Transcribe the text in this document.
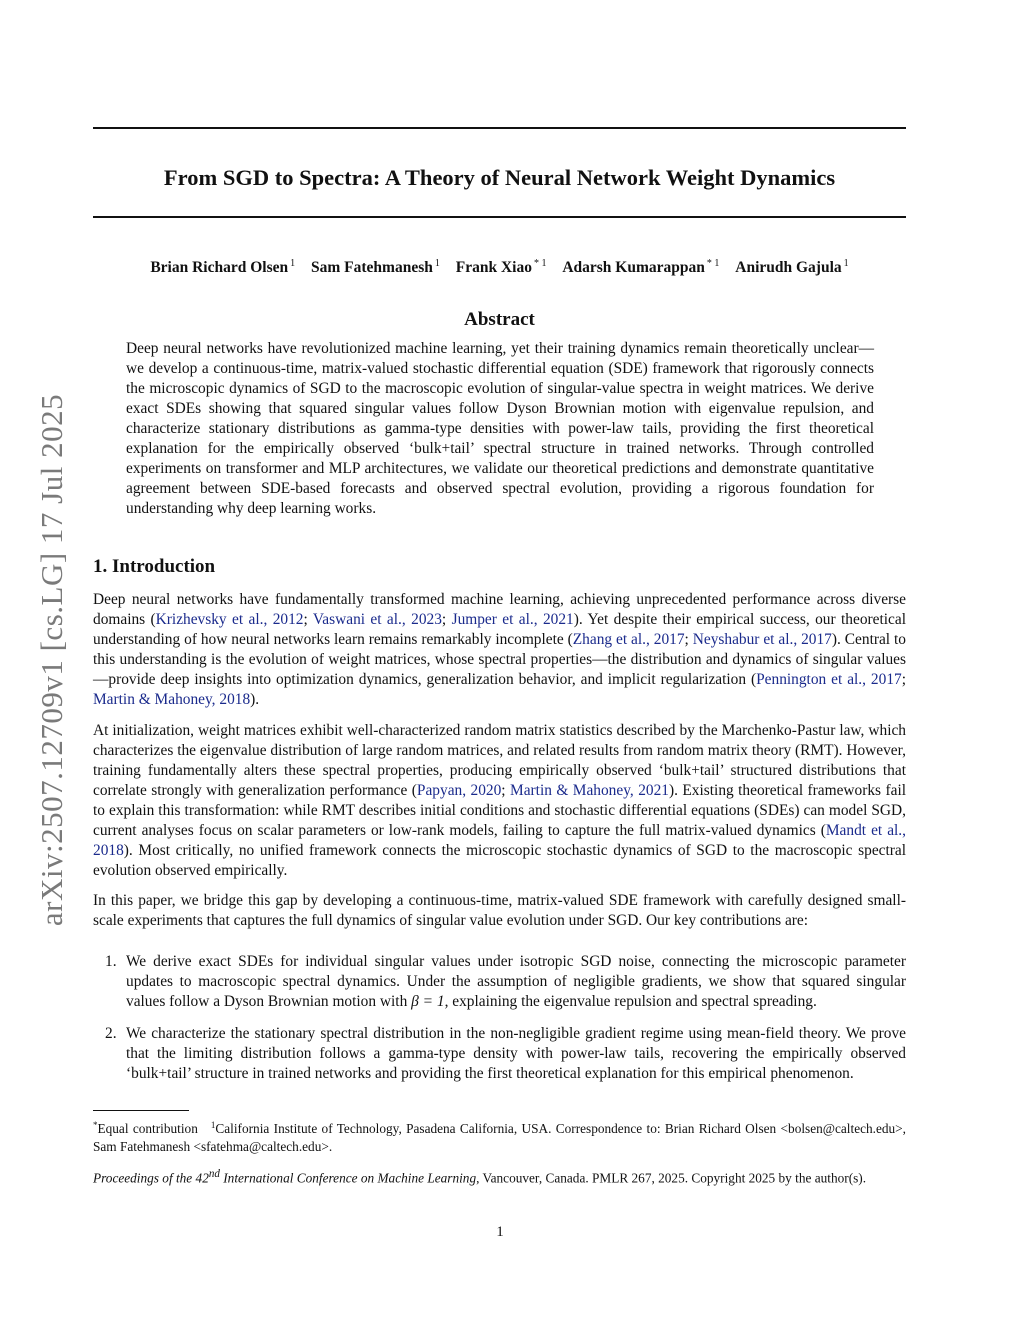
arXiv:2507.12709v1 [cs.LG] 17 Jul 2025
From SGD to Spectra: A Theory of Neural Network Weight Dynamics
Brian Richard Olsen $^1$ Sam Fatehmanesh $^1$ Frank Xiao $^{* 1}$ Adarsh Kumarappan $^{* 1}$ Anirudh Gajula $^1$
Abstract
Deep neural networks have revolutionized machine learning, yet their training dynamics remain theoretically unclear—we develop a continuous-time, matrix-valued stochastic differential equation (SDE) framework that rigorously connects the microscopic dynamics of SGD to the macroscopic evolution of singular-value spectra in weight matrices. We derive exact SDEs showing that squared singular values follow Dyson Brownian motion with eigenvalue repulsion, and characterize stationary distributions as gamma-type densities with power-law tails, providing the first theoretical explanation for the empirically observed ‘bulk+tail’ spectral structure in trained networks. Through controlled experiments on transformer and MLP architectures, we validate our theoretical predictions and demonstrate quantitative agreement between SDE-based forecasts and observed spectral evolution, providing a rigorous foundation for understanding why deep learning works.
1. Introduction

Deep neural networks have fundamentally transformed machine learning, achieving unprecedented performance across diverse domains (Krizhevsky et al., 2012; Vaswani et al., 2023; Jumper et al., 2021). Yet despite their empirical success, our theoretical understanding of how neural networks learn remains remarkably incomplete (Zhang et al., 2017; Neyshabur et al., 2017). Central to this understanding is the evolution of weight matrices, whose spectral properties—the distribution and dynamics of singular values—provide deep insights into optimization dynamics, generalization behavior, and implicit regularization (Pennington et al., 2017; Martin & Mahoney, 2018).

At initialization, weight matrices exhibit well-characterized random matrix statistics described by the Marchenko-Pastur law, which characterizes the eigenvalue distribution of large random matrices, and related results from random matrix theory (RMT). However, training fundamentally alters these spectral properties, producing empirically observed ‘bulk+tail’ structured distributions that correlate strongly with generalization performance (Papyan, 2020; Martin & Mahoney, 2021). Existing theoretical frameworks fail to explain this transformation: while RMT describes initial conditions and stochastic differential equations (SDEs) can model SGD, current analyses focus on scalar parameters or low-rank models, failing to capture the full matrix-valued dynamics (Mandt et al., 2018). Most critically, no unified framework connects the microscopic stochastic dynamics of SGD to the macroscopic spectral evolution observed empirically.

In this paper, we bridge this gap by developing a continuous-time, matrix-valued SDE framework with carefully designed small-scale experiments that captures the full dynamics of singular value evolution under SGD. Our key contributions are:

1. We derive exact SDEs for individual singular values under isotropic SGD noise, connecting the microscopic parameter updates to macroscopic spectral dynamics. Under the assumption of negligible gradients, we show that squared singular values follow a Dyson Brownian motion with β = 1, explaining the eigenvalue repulsion and spectral spreading.
2. We characterize the stationary spectral distribution in the non-negligible gradient regime using mean-field theory. We prove that the limiting distribution follows a gamma-type density with power-law tails, recovering the empirically observed ‘bulk+tail’ structure in trained networks and providing the first theoretical explanation for this empirical phenomenon.
*Equal contribution $^1$California Institute of Technology, Pasadena California, USA. Correspondence to: Brian Richard Olsen <bolsen@caltech.edu>, Sam Fatehmanesh <sfatehma@caltech.edu>.
Proceedings of the 42nd International Conference on Machine Learning, Vancouver, Canada. PMLR 267, 2025. Copyright 2025 by the author(s).
1
